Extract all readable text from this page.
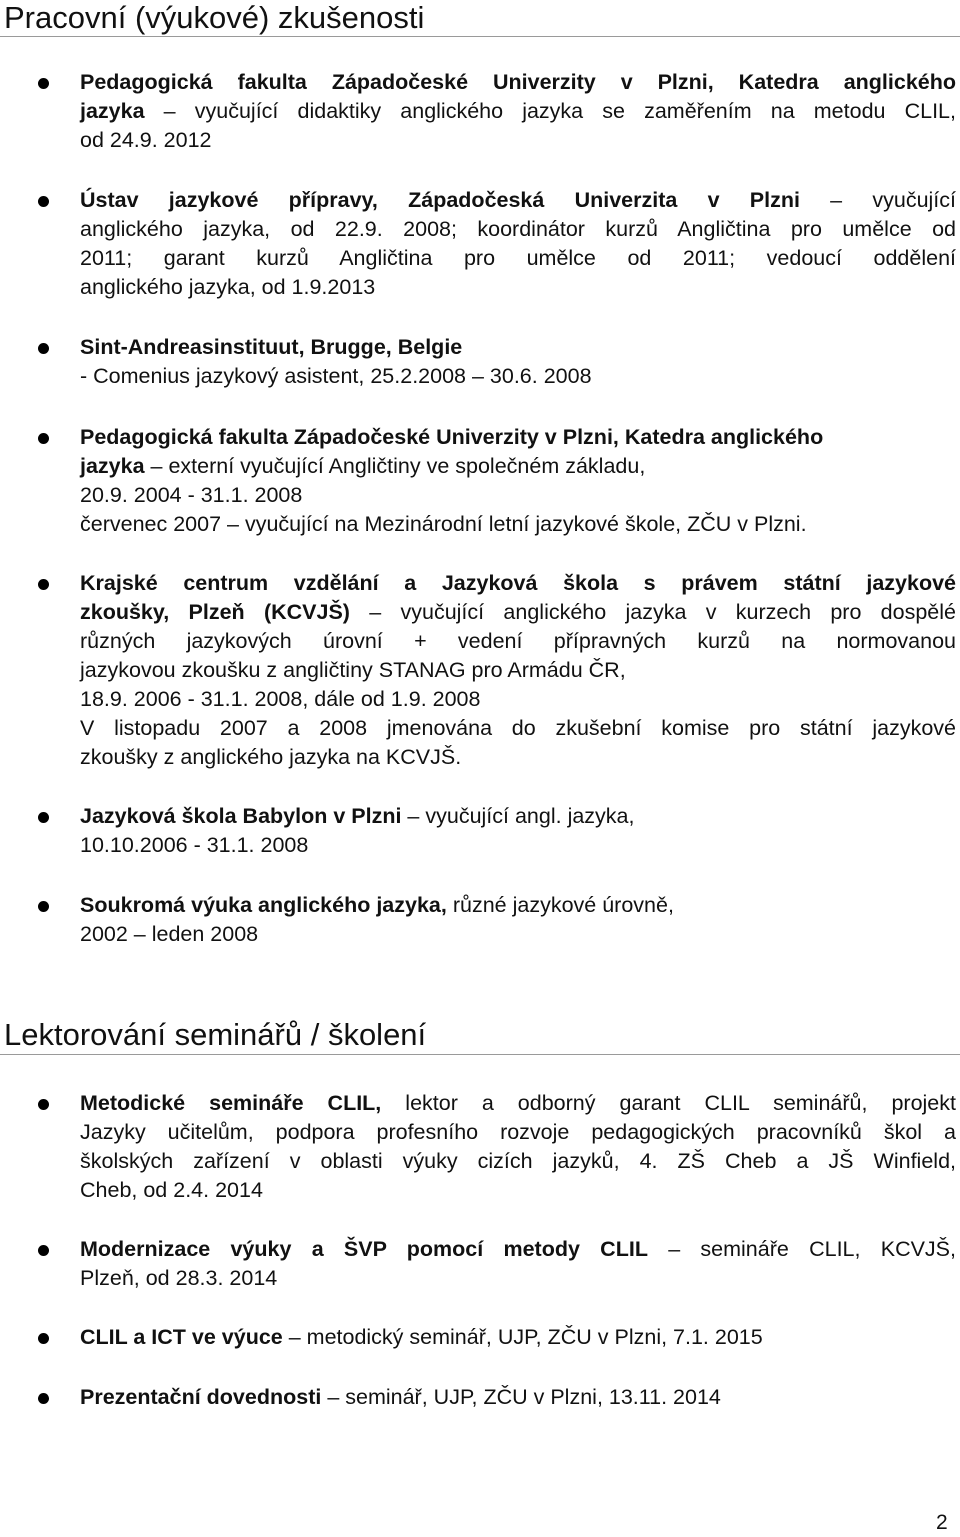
Pracovní (výukové) zkušenosti
Pedagogická fakulta Západočeské Univerzity v Plzni, Katedra anglického
jazyka – vyučující didaktiky anglického jazyka se zaměřením na metodu CLIL,
od 24.9. 2012
Ústav jazykové přípravy, Západočeská Univerzita v Plzni – vyučující
anglického jazyka, od 22.9. 2008; koordinátor kurzů Angličtina pro umělce od
2011; garant kurzů Angličtina pro umělce od 2011; vedoucí oddělení
anglického jazyka, od 1.9.2013
Sint-Andreasinstituut, Brugge, Belgie
- Comenius jazykový asistent, 25.2.2008 – 30.6. 2008
Pedagogická fakulta Západočeské Univerzity v Plzni, Katedra anglického
jazyka – externí vyučující Angličtiny ve společném základu,
20.9. 2004 - 31.1. 2008
červenec 2007 – vyučující na Mezinárodní letní jazykové škole, ZČU v Plzni.
Krajské centrum vzdělání a Jazyková škola s právem státní jazykové
zkoušky, Plzeň (KCVJŠ) – vyučující anglického jazyka v kurzech pro dospělé
různých jazykových úrovní + vedení přípravných kurzů na normovanou
jazykovou zkoušku z angličtiny STANAG pro Armádu ČR,
18.9. 2006 - 31.1. 2008, dále od 1.9. 2008
V listopadu 2007 a 2008 jmenována do zkušební komise pro státní jazykové
zkoušky z anglického jazyka na KCVJŠ.
Jazyková škola Babylon v Plzni – vyučující angl. jazyka,
10.10.2006 - 31.1. 2008
Soukromá výuka anglického jazyka, různé jazykové úrovně,
2002 – leden 2008
Lektorování seminářů / školení
Metodické semináře CLIL, lektor a odborný garant CLIL seminářů, projekt
Jazyky učitelům, podpora profesního rozvoje pedagogických pracovníků škol a
školských zařízení v oblasti výuky cizích jazyků, 4. ZŠ Cheb a JŠ Winfield,
Cheb, od 2.4. 2014
Modernizace výuky a ŠVP pomocí metody CLIL – semináře CLIL, KCVJŠ,
Plzeň, od 28.3. 2014
CLIL a ICT ve výuce – metodický seminář, UJP, ZČU v Plzni, 7.1. 2015
Prezentační dovednosti – seminář, UJP, ZČU v Plzni, 13.11. 2014
2
